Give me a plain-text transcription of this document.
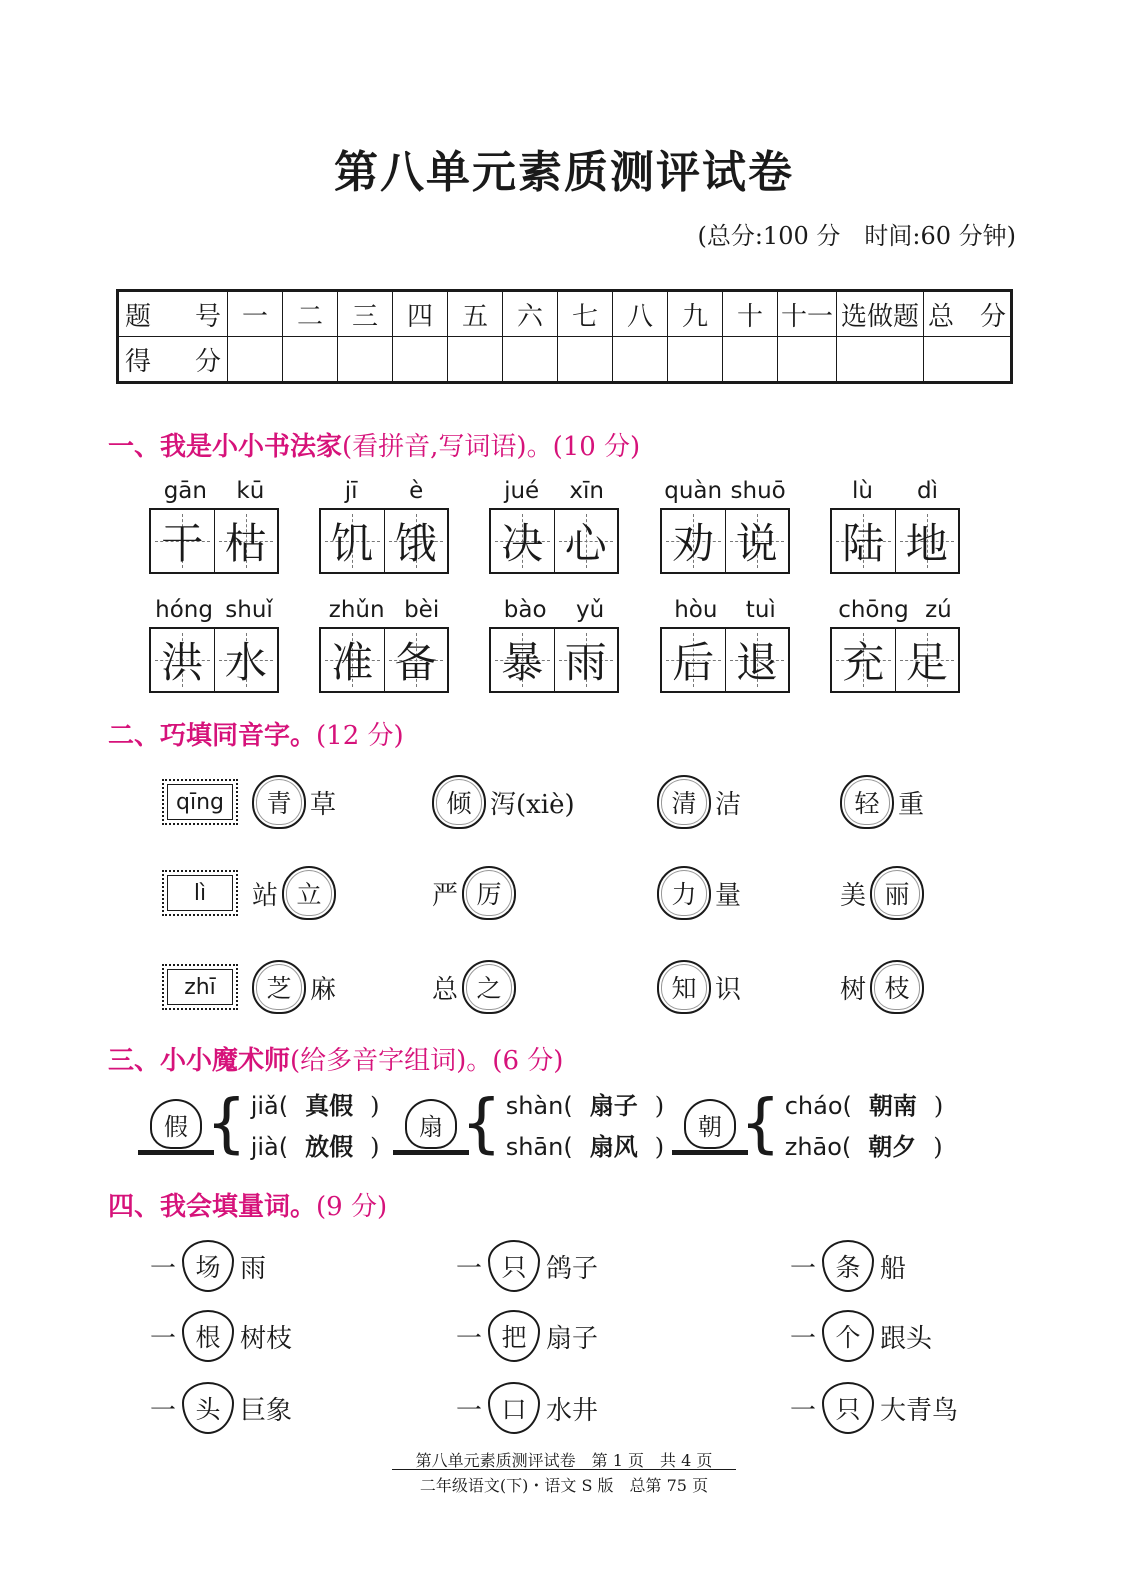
第八单元素质测评试卷
(总分:100 分　时间:60 分钟)
题　号	一	二	三	四	五	六	七	八	九	十	十一	选做题	总　分
得　分													
一、我是小小书法家(看拼音,写词语)。(10 分)
gān kū
干 枯
jī è
饥 饿
jué xīn
决 心
quàn shuō
劝 说
lù dì
陆 地
hóng shuǐ
洪 水
zhǔn bèi
准 备
bào yǔ
暴 雨
hòu tuì
后 退
chōng zú
充 足
二、巧填同音字。(12 分)
qīng 青 草	倾 泻(xiè)	清 洁	轻 重
lì 站 立	严 厉	力 量	美 丽
zhī 芝 麻	总 之	知 识	树 枝
三、小小魔术师(给多音字组词)。(6 分)
假 { jiǎ( 真假 )
jià( 放假 )
扇 { shàn( 扇子 )
shān( 扇风 )
朝 { cháo( 朝南 )
zhāo( 朝夕 )
四、我会填量词。(9 分)
一 场 雨	一 只 鸽子	一 条 船
一 根 树枝	一 把 扇子	一 个 跟头
一 头 巨象	一 口 水井	一 只 大青鸟
第八单元素质测评试卷　第 1 页　共 4 页
二年级语文(下)・语文 S 版　总第 75 页
